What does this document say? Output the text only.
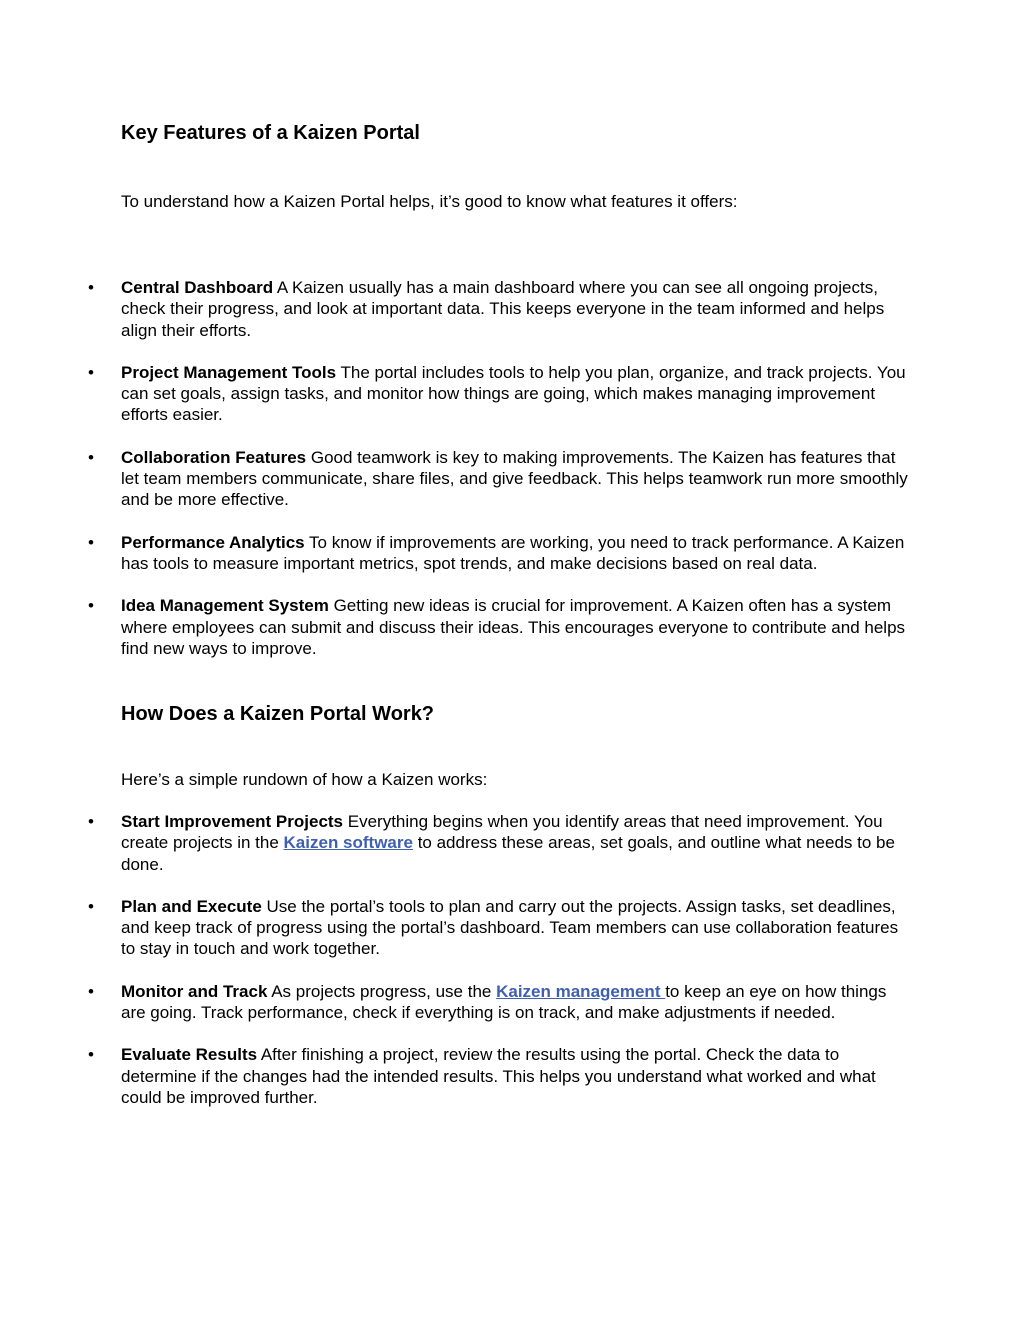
Key Features of a Kaizen Portal

To understand how a Kaizen Portal helps, it’s good to know what features it offers:

• Central Dashboard A Kaizen usually has a main dashboard where you can see all ongoing projects, check their progress, and look at important data. This keeps everyone in the team informed and helps align their efforts.
• Project Management Tools The portal includes tools to help you plan, organize, and track projects. You can set goals, assign tasks, and monitor how things are going, which makes managing improvement efforts easier.
• Collaboration Features Good teamwork is key to making improvements. The Kaizen has features that let team members communicate, share files, and give feedback. This helps teamwork run more smoothly and be more effective.
• Performance Analytics To know if improvements are working, you need to track performance. A Kaizen has tools to measure important metrics, spot trends, and make decisions based on real data.
• Idea Management System Getting new ideas is crucial for improvement. A Kaizen often has a system where employees can submit and discuss their ideas. This encourages everyone to contribute and helps find new ways to improve.
How Does a Kaizen Portal Work?

Here’s a simple rundown of how a Kaizen works:

• Start Improvement Projects Everything begins when you identify areas that need improvement. You create projects in the Kaizen software to address these areas, set goals, and outline what needs to be done.
• Plan and Execute Use the portal’s tools to plan and carry out the projects. Assign tasks, set deadlines, and keep track of progress using the portal’s dashboard. Team members can use collaboration features to stay in touch and work together.
• Monitor and Track As projects progress, use the Kaizen management to keep an eye on how things are going. Track performance, check if everything is on track, and make adjustments if needed.
• Evaluate Results After finishing a project, review the results using the portal. Check the data to determine if the changes had the intended results. This helps you understand what worked and what could be improved further.
